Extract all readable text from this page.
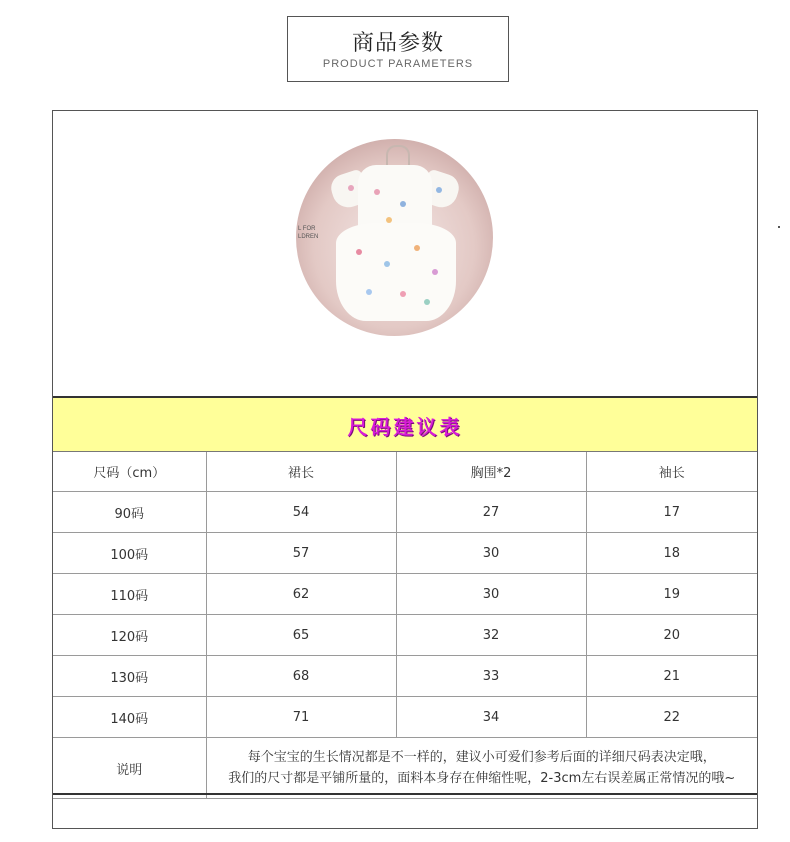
商品参数
PRODUCT PARAMETERS
L FOR
LDREN
尺码建议表
尺码（cm）	裙长	胸围*2	袖长
90码	54	27	17
100码	57	30	18
110码	62	30	19
120码	65	32	20
130码	68	33	21
140码	71	34	22
说明	每个宝宝的生长情况都是不一样的，建议小可爱们参考后面的详细尺码表决定哦，
我们的尺寸都是平铺所量的，面料本身存在伸缩性呢，2-3cm左右误差属正常情况的哦~		
